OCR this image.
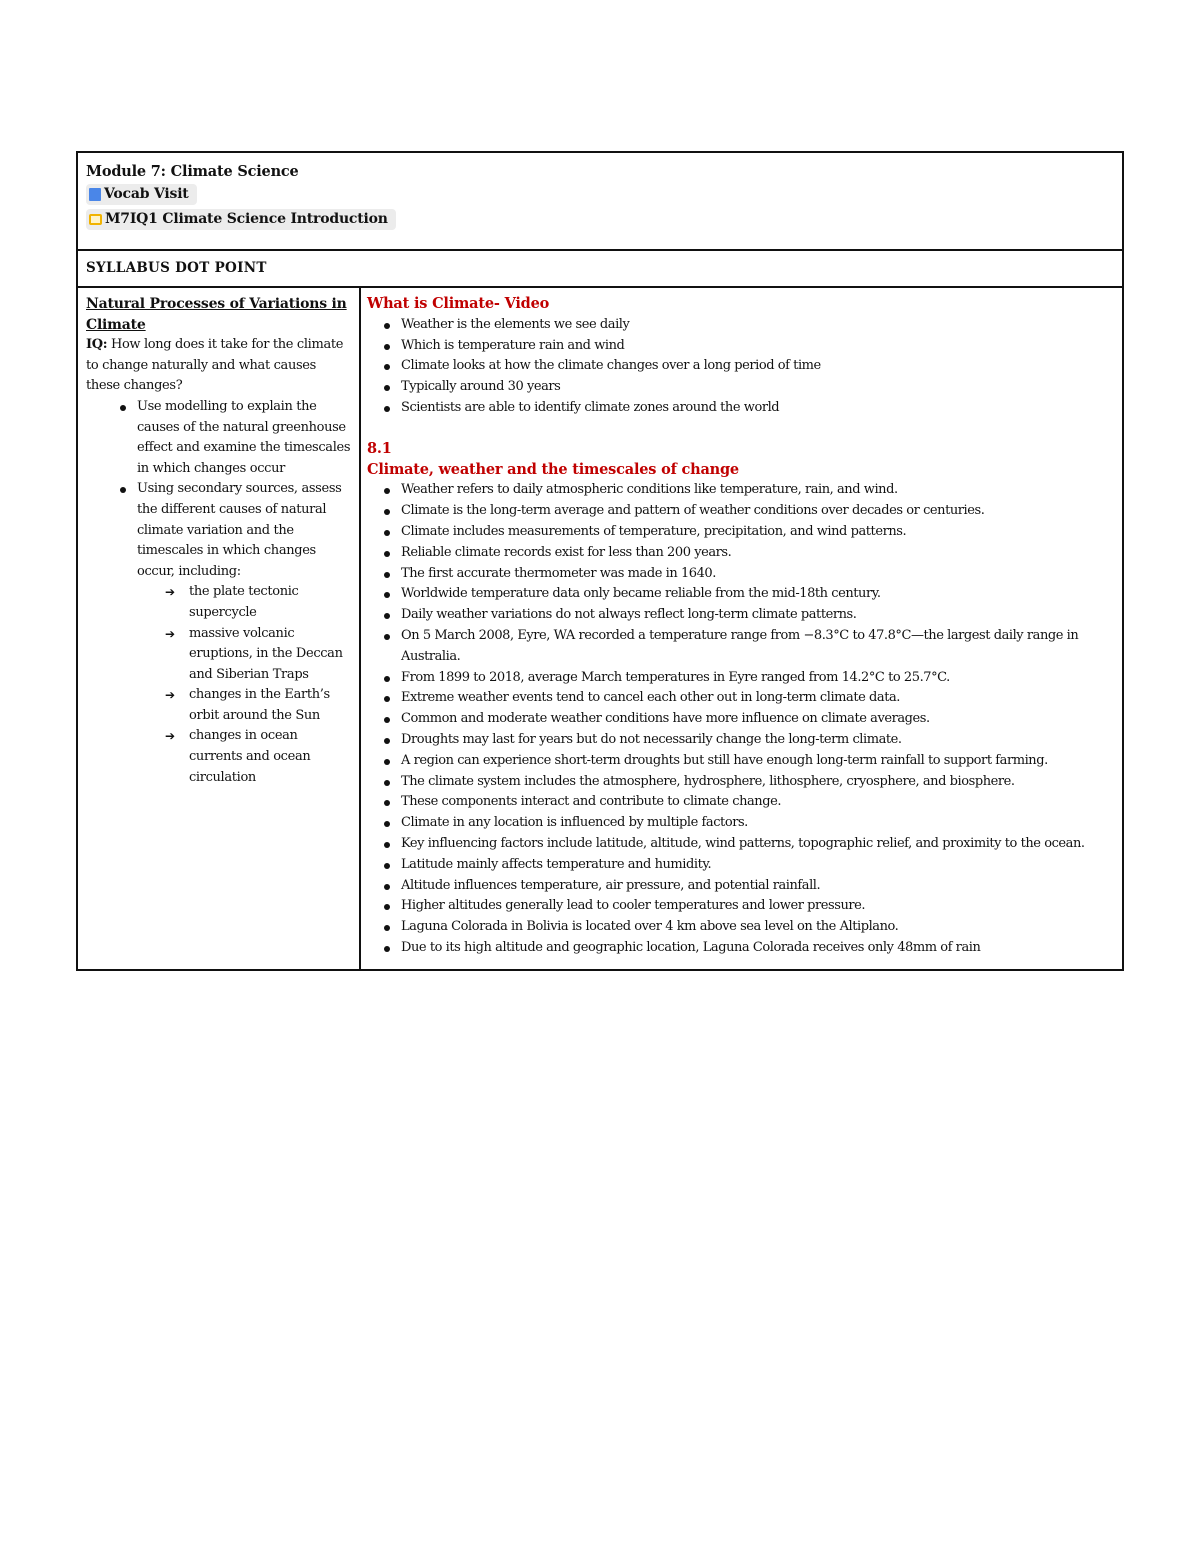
Module 7: Climate Science
Vocab Visit
M7IQ1 Climate Science Introduction

SYLLABUS DOT POINT

Natural Processes of Variations in Climate
IQ: How long does it take for the climate to change naturally and what causes these changes?
Use modelling to explain the causes of the natural greenhouse effect and examine the timescales in which changes occur
Using secondary sources, assess the different causes of natural climate variation and the timescales in which changes occur, including:
➔ the plate tectonic supercycle
➔ massive volcanic eruptions, in the Deccan and Siberian Traps
➔ changes in the Earth’s orbit around the Sun
➔ changes in ocean currents and ocean circulation

What is Climate- Video
Weather is the elements we see daily
Which is temperature rain and wind
Climate looks at how the climate changes over a long period of time
Typically around 30 years
Scientists are able to identify climate zones around the world
8.1
Climate, weather and the timescales of change
Weather refers to daily atmospheric conditions like temperature, rain, and wind.
Climate is the long-term average and pattern of weather conditions over decades or centuries.
Climate includes measurements of temperature, precipitation, and wind patterns.
Reliable climate records exist for less than 200 years.
The first accurate thermometer was made in 1640.
Worldwide temperature data only became reliable from the mid-18th century.
Daily weather variations do not always reflect long-term climate patterns.
On 5 March 2008, Eyre, WA recorded a temperature range from −8.3°C to 47.8°C—the largest daily range in Australia.
From 1899 to 2018, average March temperatures in Eyre ranged from 14.2°C to 25.7°C.
Extreme weather events tend to cancel each other out in long-term climate data.
Common and moderate weather conditions have more influence on climate averages.
Droughts may last for years but do not necessarily change the long-term climate.
A region can experience short-term droughts but still have enough long-term rainfall to support farming.
The climate system includes the atmosphere, hydrosphere, lithosphere, cryosphere, and biosphere.
These components interact and contribute to climate change.
Climate in any location is influenced by multiple factors.
Key influencing factors include latitude, altitude, wind patterns, topographic relief, and proximity to the ocean.
Latitude mainly affects temperature and humidity.
Altitude influences temperature, air pressure, and potential rainfall.
Higher altitudes generally lead to cooler temperatures and lower pressure.
Laguna Colorada in Bolivia is located over 4 km above sea level on the Altiplano.
Due to its high altitude and geographic location, Laguna Colorada receives only 48mm of rain
